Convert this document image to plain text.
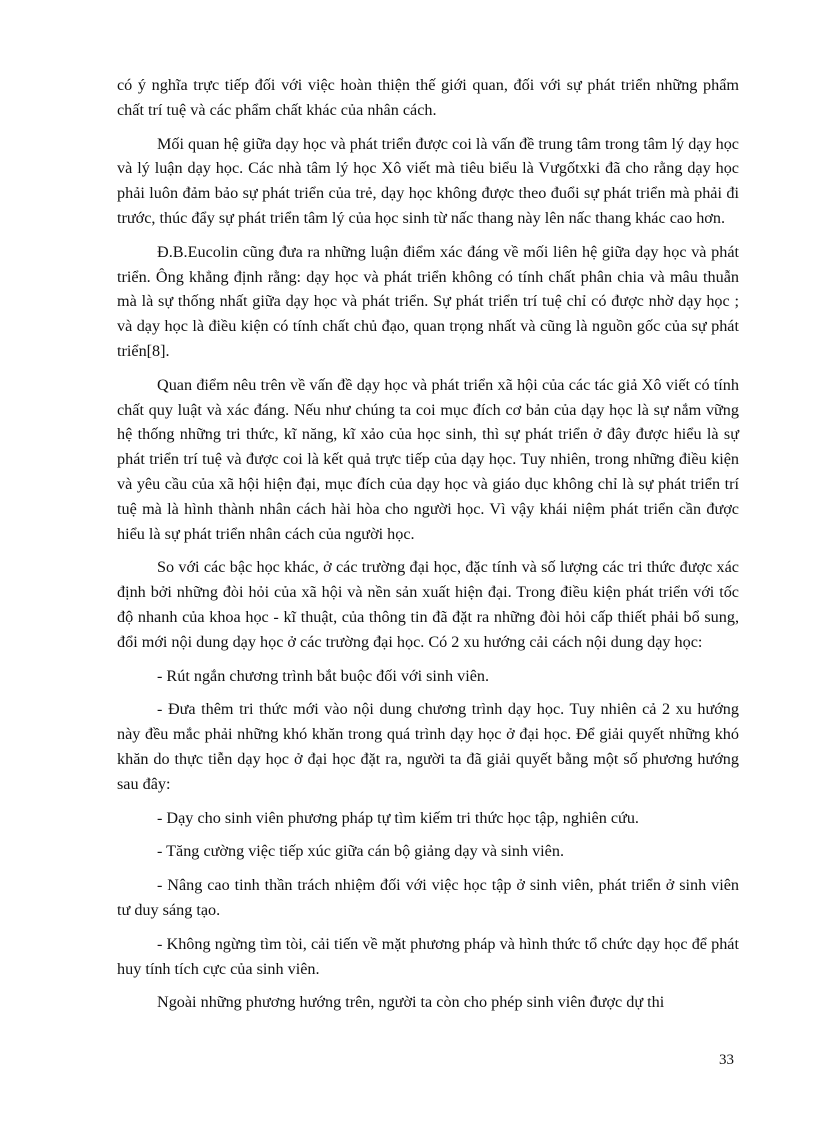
có ý nghĩa trực tiếp đối với việc hoàn thiện thế giới quan, đối với sự phát triển những phẩm chất trí tuệ và các phẩm chất khác của nhân cách.

Mối quan hệ giữa dạy học và phát triển được coi là vấn đề trung tâm trong tâm lý dạy học và lý luận dạy học. Các nhà tâm lý học Xô viết mà tiêu biểu là Vưgốtxki đã cho rằng dạy học phải luôn đảm bảo sự phát triển của trẻ, dạy học không được theo đuổi sự phát triển mà phải đi trước, thúc đẩy sự phát triển tâm lý của học sinh từ nấc thang này lên nấc thang khác cao hơn.

Đ.B.Eucolin cũng đưa ra những luận điểm xác đáng về mối liên hệ giữa dạy học và phát triển. Ông khẳng định rằng: dạy học và phát triển không có tính chất phân chia và mâu thuẫn mà là sự thống nhất giữa dạy học và phát triển. Sự phát triển trí tuệ chỉ có được nhờ dạy học ; và dạy học là điều kiện có tính chất chủ đạo, quan trọng nhất và cũng là nguồn gốc của sự phát triển[8].

Quan điểm nêu trên về vấn đề dạy học và phát triển xã hội của các tác giả Xô viết có tính chất quy luật và xác đáng. Nếu như chúng ta coi mục đích cơ bản của dạy học là sự nắm vững hệ thống những tri thức, kĩ năng, kĩ xảo của học sinh, thì sự phát triển ở đây được hiểu là sự phát triển trí tuệ và được coi là kết quả trực tiếp của dạy học. Tuy nhiên, trong những điều kiện và yêu cầu của xã hội hiện đại, mục đích của dạy học và giáo dục không chỉ là sự phát triển trí tuệ mà là hình thành nhân cách hài hòa cho người học. Vì vậy khái niệm phát triển cần được hiểu là sự phát triển nhân cách của người học.

So với các bậc học khác, ở các trường đại học, đặc tính và số lượng các tri thức được xác định bởi những đòi hỏi của xã hội và nền sản xuất hiện đại. Trong điều kiện phát triển với tốc độ nhanh của khoa học - kĩ thuật, của thông tin đã đặt ra những đòi hỏi cấp thiết phải bổ sung, đổi mới nội dung dạy học ở các trường đại học. Có 2 xu hướng cải cách nội dung dạy học:

- Rút ngắn chương trình bắt buộc đối với sinh viên.

- Đưa thêm tri thức mới vào nội dung chương trình dạy học. Tuy nhiên cả 2 xu hướng này đều mắc phải những khó khăn trong quá trình dạy học ở đại học. Để giải quyết những khó khăn do thực tiễn dạy học ở đại học đặt ra, người ta đã giải quyết bằng một số phương hướng sau đây:

- Dạy cho sinh viên phương pháp tự tìm kiếm tri thức học tập, nghiên cứu.

- Tăng cường việc tiếp xúc giữa cán bộ giảng dạy và sinh viên.

- Nâng cao tinh thần trách nhiệm đối với việc học tập ở sinh viên, phát triển ở sinh viên tư duy sáng tạo.

- Không ngừng tìm tòi, cải tiến về mặt phương pháp và hình thức tổ chức dạy học để phát huy tính tích cực của sinh viên.

Ngoài những phương hướng trên, người ta còn cho phép sinh viên được dự thi

33
